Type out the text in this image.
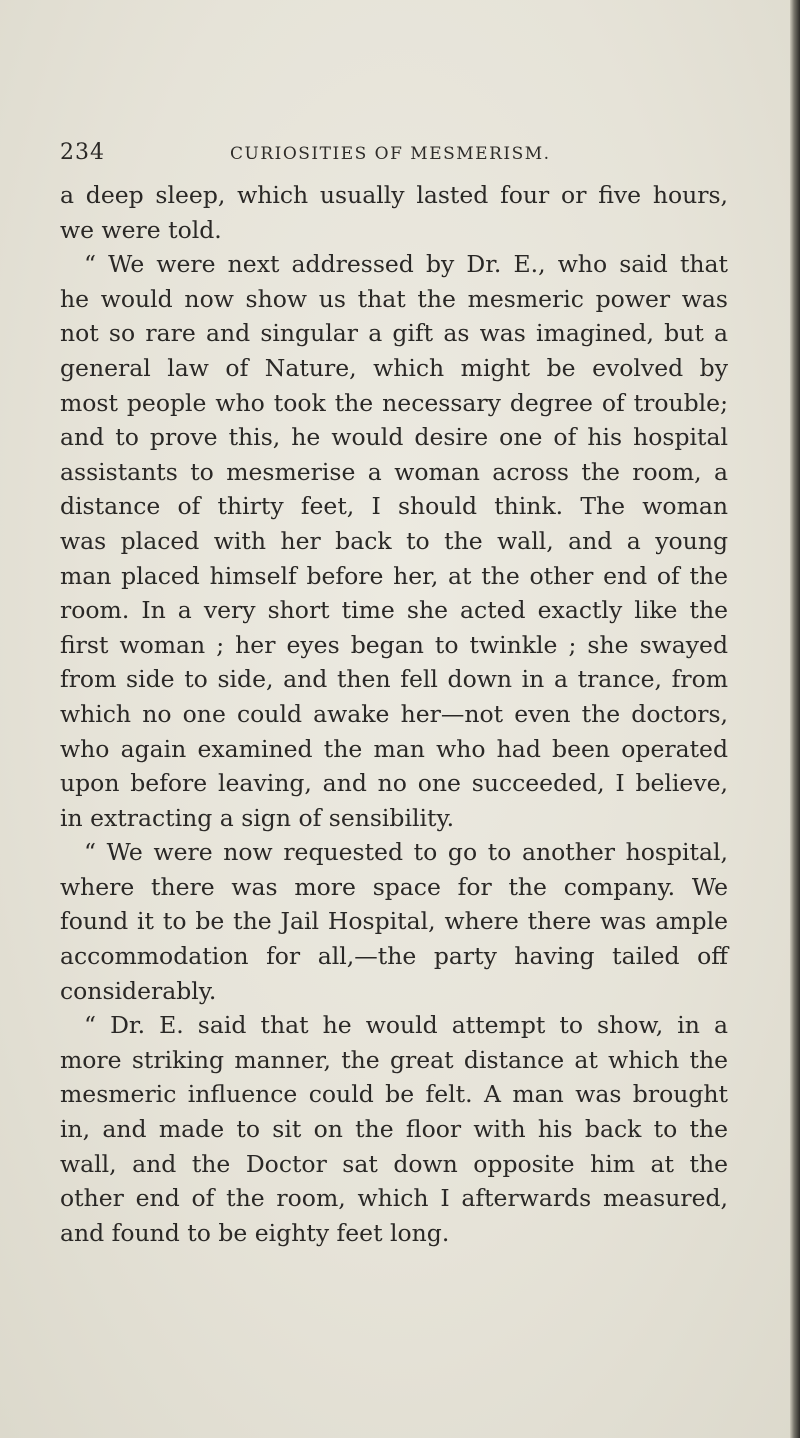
234	CURIOSITIES OF MESMERISM.
a deep sleep, which usually lasted four or five hours,
we were told.
“ We were next addressed by Dr. E., who said that
he would now show us that the mesmeric power was
not so rare and singular a gift as was imagined, but a
general law of Nature, which might be evolved by
most people who took the necessary degree of trouble;
and to prove this, he would desire one of his hospital
assistants to mesmerise a woman across the room, a
distance of thirty feet, I should think. The woman
was placed with her back to the wall, and a young
man placed himself before her, at the other end of the
room. In a very short time she acted exactly like the
first woman ; her eyes began to twinkle ; she swayed
from side to side, and then fell down in a trance, from
which no one could awake her—not even the doctors,
who again examined the man who had been operated
upon before leaving, and no one succeeded, I believe,
in extracting a sign of sensibility.
“ We were now requested to go to another hospital,
where there was more space for the company. We
found it to be the Jail Hospital, where there was ample
accommodation for all,—the party having tailed off
considerably.
“ Dr. E. said that he would attempt to show, in a
more striking manner, the great distance at which the
mesmeric influence could be felt. A man was brought
in, and made to sit on the floor with his back to the
wall, and the Doctor sat down opposite him at the
other end of the room, which I afterwards measured,
and found to be eighty feet long.
